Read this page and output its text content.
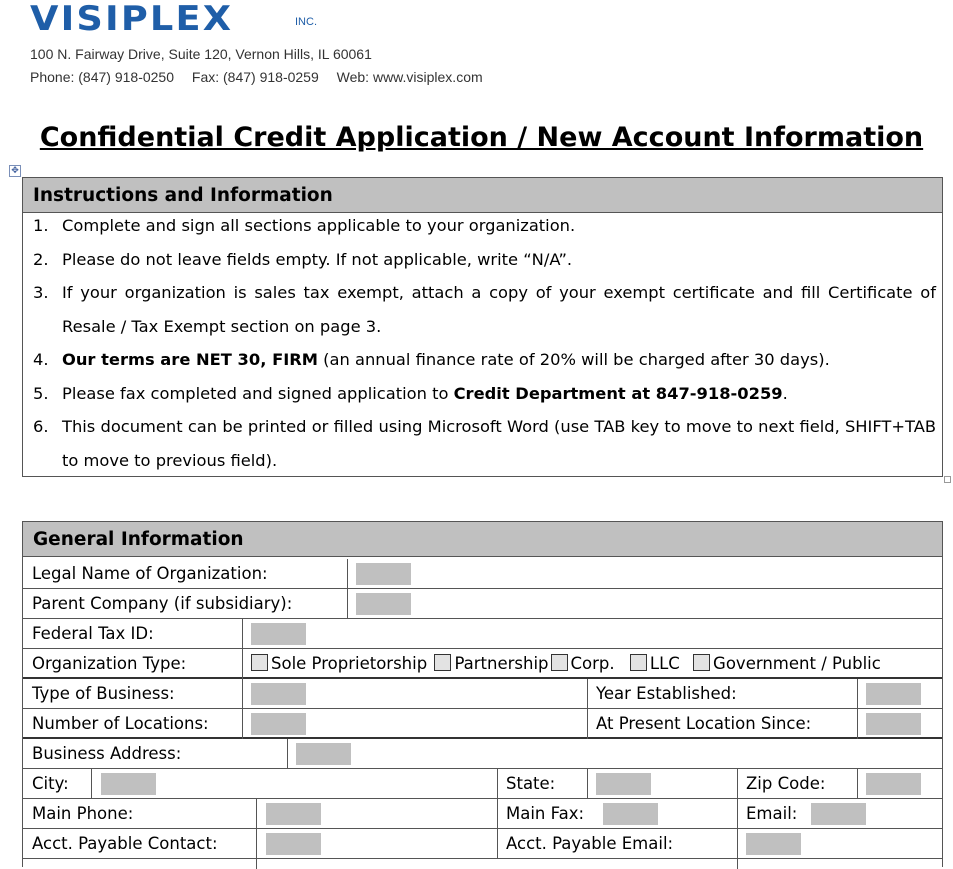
VISIPLEX	INC.
100 N. Fairway Drive, Suite 120, Vernon Hills, IL 60061
Phone: (847) 918-0250 Fax: (847) 918-0259 Web: www.visiplex.com
Confidential Credit Application / New Account Information
✥
Instructions and Information
1. Complete and sign all sections applicable to your organization.
2. Please do not leave fields empty. If not applicable, write “N/A”.
3. If your organization is sales tax exempt, attach a copy of your exempt certificate and fill Certificate of Resale / Tax Exempt section on page 3.
4. Our terms are NET 30, FIRM (an annual finance rate of 20% will be charged after 30 days).
5. Please fax completed and signed application to Credit Department at 847-918-0259.
6. This document can be printed or filled using Microsoft Word (use TAB key to move to next field, SHIFT+TAB to move to previous field).
General Information
Legal Name of Organization:
Parent Company (if subsidiary):
Federal Tax ID:
Organization Type:	Sole Proprietorship Partnership Corp. LLC Government / Public
Type of Business:	Year Established:
Number of Locations:	At Present Location Since:
Business Address:
City:	State:	Zip Code:
Main Phone:	Main Fax:	Email:
Acct. Payable Contact:	Acct. Payable Email:
